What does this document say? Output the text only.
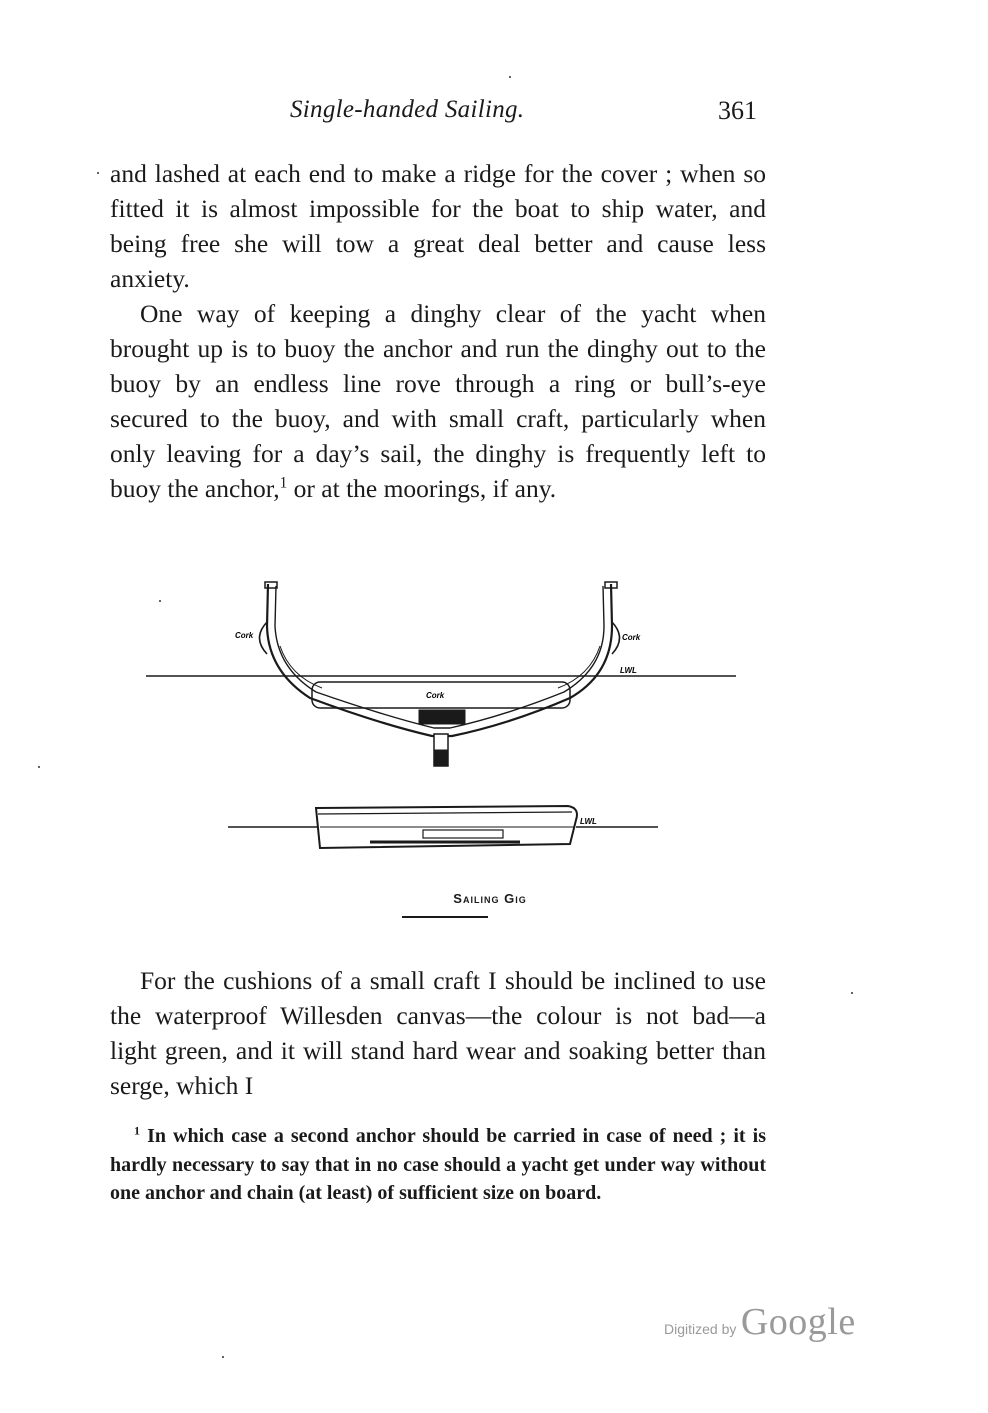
Single-handed Sailing.	361

and lashed at each end to make a ridge for the cover ; when so fitted it is almost impossible for the boat to ship water, and being free she will tow a great deal better and cause less anxiety.

One way of keeping a dinghy clear of the yacht when brought up is to buoy the anchor and run the dinghy out to the buoy by an endless line rove through a ring or bull’s-eye secured to the buoy, and with small craft, particularly when only leaving for a day’s sail, the dinghy is frequently left to buoy the anchor,$^1$ or at the moorings, if any.

Cork	Cork
Cork
LWL
LWL
Sailing Gig

For the cushions of a small craft I should be inclined to use the waterproof Willesden canvas—the colour is not bad—a light green, and it will stand hard wear and soaking better than serge, which I

$^1$ In which case a second anchor should be carried in case of need ; it is hardly necessary to say that in no case should a yacht get under way without one anchor and chain (at least) of sufficient size on board.

Digitized by Google
